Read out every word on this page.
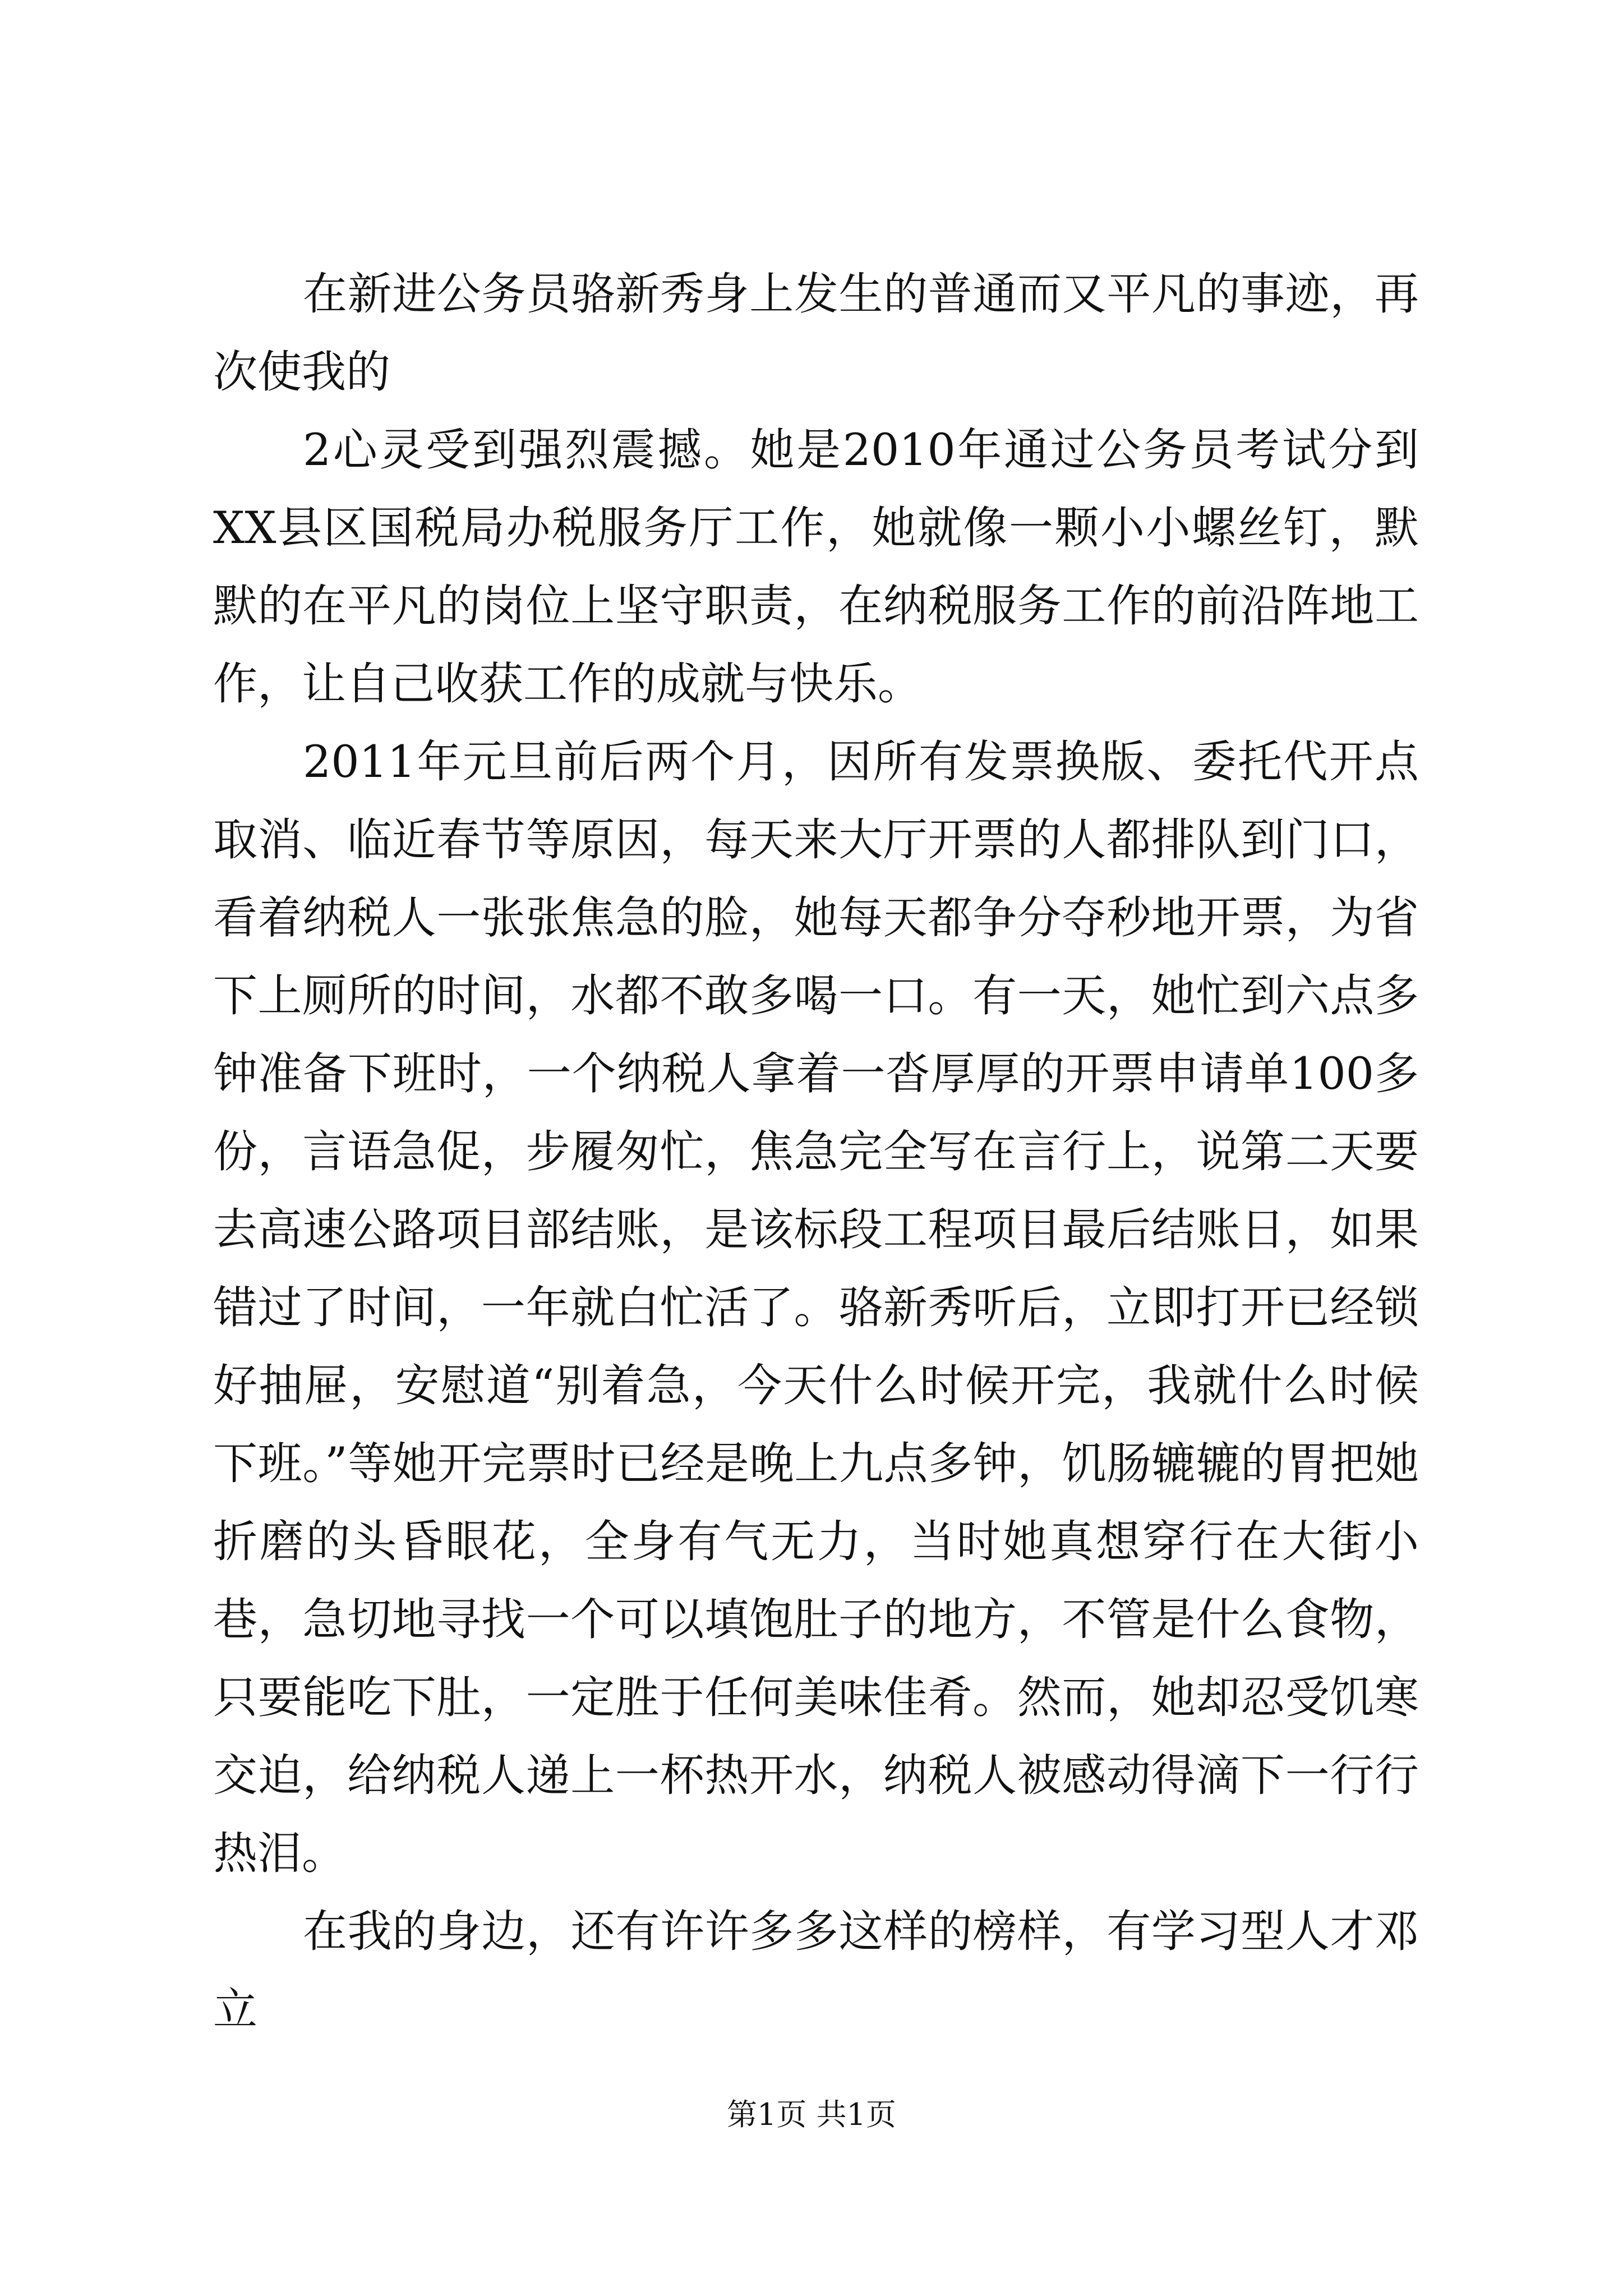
在新进公务员骆新秀身上发生的普通而又平凡的事迹，再次使我的

2心灵受到强烈震撼。她是2010年通过公务员考试分到XX县区国税局办税服务厅工作，她就像一颗小小螺丝钉，默默的在平凡的岗位上坚守职责，在纳税服务工作的前沿阵地工作，让自己收获工作的成就与快乐。

2011年元旦前后两个月，因所有发票换版、委托代开点取消、临近春节等原因，每天来大厅开票的人都排队到门口，看着纳税人一张张焦急的脸，她每天都争分夺秒地开票，为省下上厕所的时间，水都不敢多喝一口。有一天，她忙到六点多钟准备下班时，一个纳税人拿着一沓厚厚的开票申请单100多份，言语急促，步履匆忙，焦急完全写在言行上，说第二天要去高速公路项目部结账，是该标段工程项目最后结账日，如果错过了时间，一年就白忙活了。骆新秀听后，立即打开已经锁好抽屉，安慰道“别着急，今天什么时候开完，我就什么时候下班。”等她开完票时已经是晚上九点多钟，饥肠辘辘的胃把她折磨的头昏眼花，全身有气无力，当时她真想穿行在大街小巷，急切地寻找一个可以填饱肚子的地方，不管是什么食物，只要能吃下肚，一定胜于任何美味佳肴。然而，她却忍受饥寒交迫，给纳税人递上一杯热开水，纳税人被感动得滴下一行行热泪。

在我的身边，还有许许多多这样的榜样，有学习型人才邓立

第1页 共1页
